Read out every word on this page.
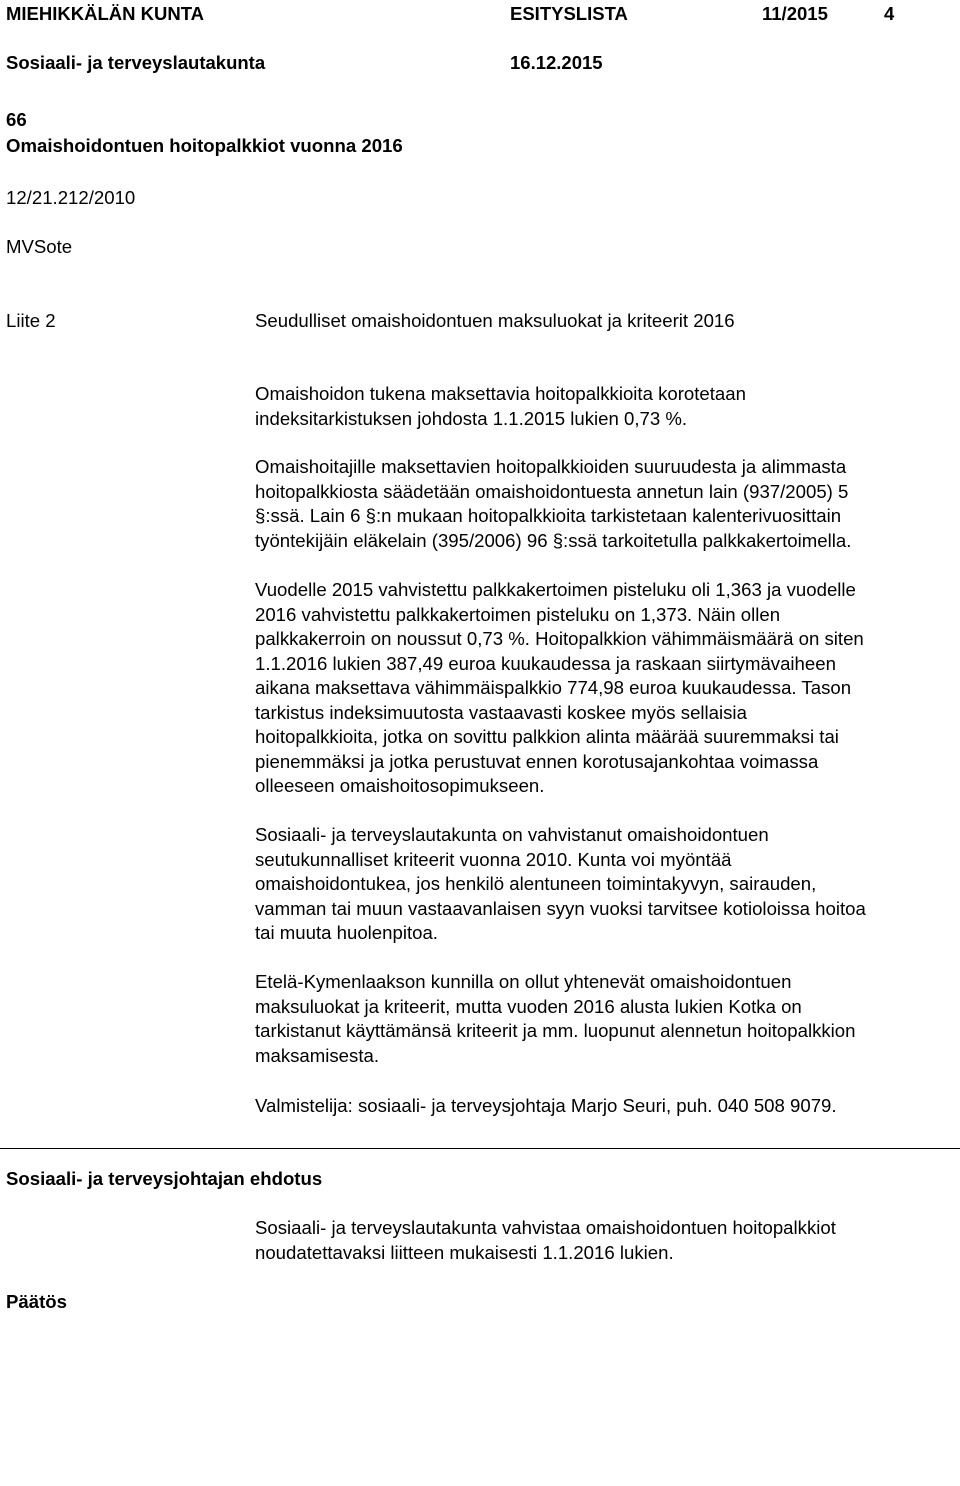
MIEHIKKÄLÄN KUNTA	ESITYSLISTA	11/2015	4
Sosiaali- ja terveyslautakunta	16.12.2015
66
Omaishoidontuen hoitopalkkiot vuonna 2016
12/21.212/2010
MVSote
Liite 2	Seudulliset omaishoidontuen maksuluokat ja kriteerit 2016
Omaishoidon tukena maksettavia hoitopalkkioita korotetaan
indeksitarkistuksen johdosta 1.1.2015 lukien 0,73 %.
Omaishoitajille maksettavien hoitopalkkioiden suuruudesta ja alimmasta
hoitopalkkiosta säädetään omaishoidontuesta annetun lain (937/2005) 5
§:ssä. Lain 6 §:n mukaan hoitopalkkioita tarkistetaan kalenterivuosittain
työntekijäin eläkelain (395/2006) 96 §:ssä tarkoitetulla palkkakertoimella.
Vuodelle 2015 vahvistettu palkkakertoimen pisteluku oli 1,363 ja vuodelle
2016 vahvistettu palkkakertoimen pisteluku on 1,373. Näin ollen
palkkakerroin on noussut 0,73 %. Hoitopalkkion vähimmäismäärä on siten
1.1.2016 lukien 387,49 euroa kuukaudessa ja raskaan siirtymävaiheen
aikana maksettava vähimmäispalkkio 774,98 euroa kuukaudessa. Tason
tarkistus indeksimuutosta vastaavasti koskee myös sellaisia
hoitopalkkioita, jotka on sovittu palkkion alinta määrää suuremmaksi tai
pienemmäksi ja jotka perustuvat ennen korotusajankohtaa voimassa
olleeseen omaishoitosopimukseen.
Sosiaali- ja terveyslautakunta on vahvistanut omaishoidontuen
seutukunnalliset kriteerit vuonna 2010. Kunta voi myöntää
omaishoidontukea, jos henkilö alentuneen toimintakyvyn, sairauden,
vamman tai muun vastaavanlaisen syyn vuoksi tarvitsee kotioloissa hoitoa
tai muuta huolenpitoa.
Etelä-Kymenlaakson kunnilla on ollut yhtenevät omaishoidontuen
maksuluokat ja kriteerit, mutta vuoden 2016 alusta lukien Kotka on
tarkistanut käyttämänsä kriteerit ja mm. luopunut alennetun hoitopalkkion
maksamisesta.
Valmistelija: sosiaali- ja terveysjohtaja Marjo Seuri, puh. 040 508 9079.
Sosiaali- ja terveysjohtajan ehdotus
Sosiaali- ja terveyslautakunta vahvistaa omaishoidontuen hoitopalkkiot
noudatettavaksi liitteen mukaisesti 1.1.2016 lukien.
Päätös
